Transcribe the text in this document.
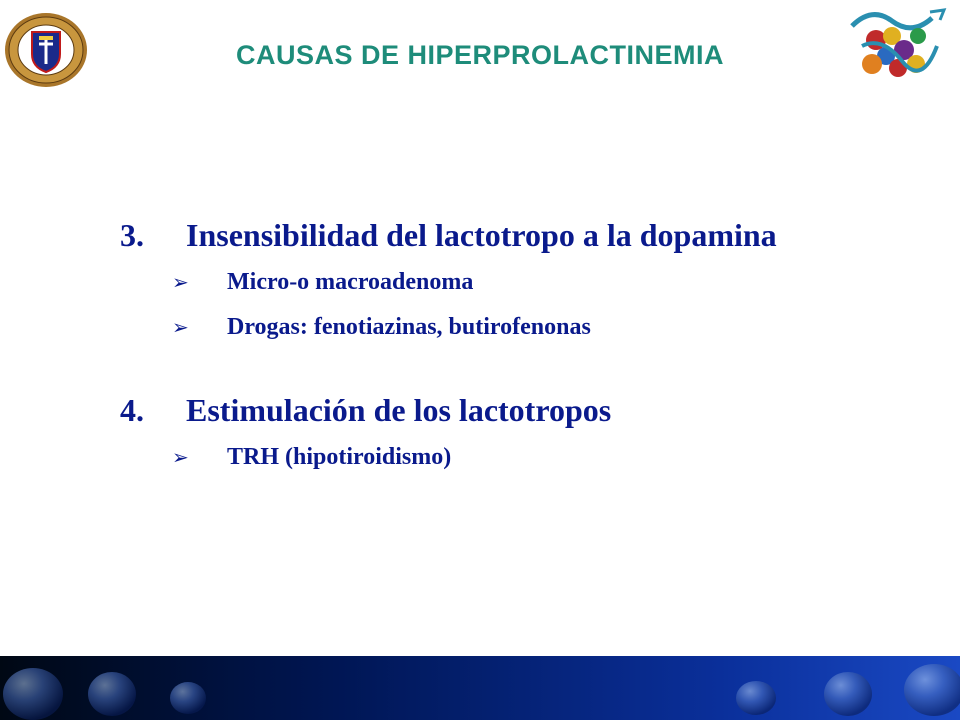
CAUSAS DE HIPERPROLACTINEMIA
3.	Insensibilidad del lactotropo a la dopamina
➢	Micro-o macroadenoma
➢	Drogas: fenotiazinas, butirofenonas
4.	Estimulación de los lactotropos
➢	TRH (hipotiroidismo)
